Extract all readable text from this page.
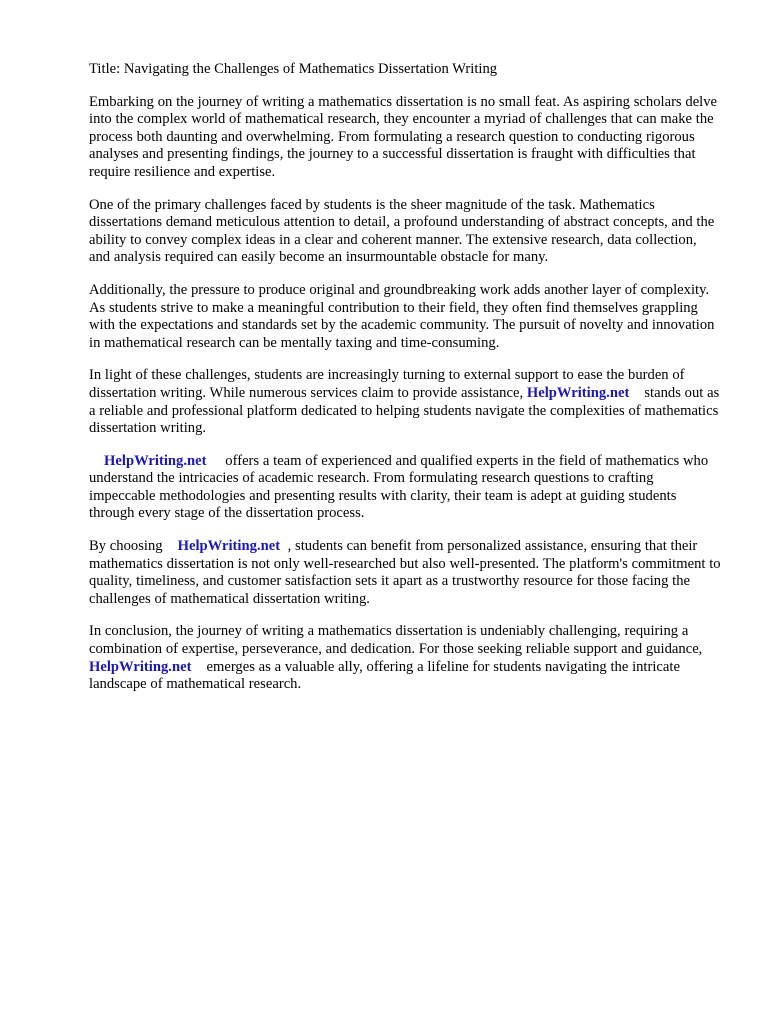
Title: Navigating the Challenges of Mathematics Dissertation Writing

Embarking on the journey of writing a mathematics dissertation is no small feat. As aspiring scholars delve into the complex world of mathematical research, they encounter a myriad of challenges that can make the process both daunting and overwhelming. From formulating a research question to conducting rigorous analyses and presenting findings, the journey to a successful dissertation is fraught with difficulties that require resilience and expertise.

One of the primary challenges faced by students is the sheer magnitude of the task. Mathematics dissertations demand meticulous attention to detail, a profound understanding of abstract concepts, and the ability to convey complex ideas in a clear and coherent manner. The extensive research, data collection, and analysis required can easily become an insurmountable obstacle for many.

Additionally, the pressure to produce original and groundbreaking work adds another layer of complexity. As students strive to make a meaningful contribution to their field, they often find themselves grappling with the expectations and standards set by the academic community. The pursuit of novelty and innovation in mathematical research can be mentally taxing and time-consuming.

In light of these challenges, students are increasingly turning to external support to ease the burden of dissertation writing. While numerous services claim to provide assistance, HelpWriting.net    stands out as a reliable and professional platform dedicated to helping students navigate the complexities of mathematics dissertation writing.

HelpWriting.net     offers a team of experienced and qualified experts in the field of mathematics who understand the intricacies of academic research. From formulating research questions to crafting impeccable methodologies and presenting results with clarity, their team is adept at guiding students through every stage of the dissertation process.

By choosing    HelpWriting.net  , students can benefit from personalized assistance, ensuring that their mathematics dissertation is not only well-researched but also well-presented. The platform's commitment to quality, timeliness, and customer satisfaction sets it apart as a trustworthy resource for those facing the challenges of mathematical dissertation writing.

In conclusion, the journey of writing a mathematics dissertation is undeniably challenging, requiring a combination of expertise, perseverance, and dedication. For those seeking reliable support and guidance,     HelpWriting.net    emerges as a valuable ally, offering a lifeline for students navigating the intricate landscape of mathematical research.
